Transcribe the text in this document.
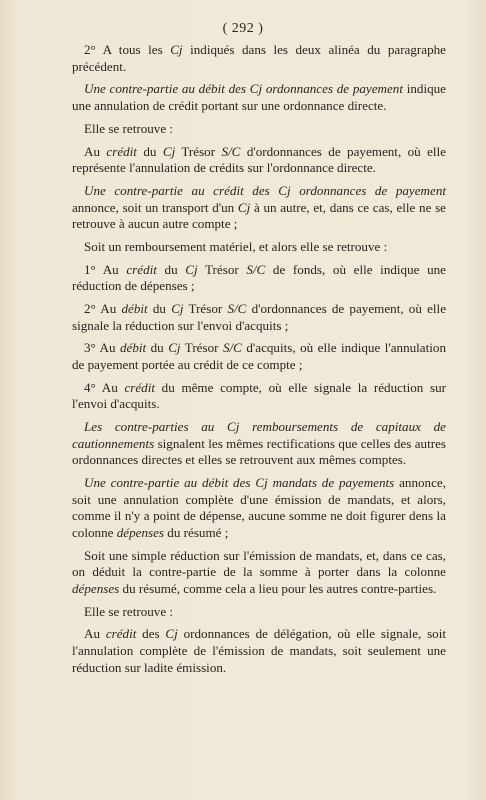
( 292 )

2° A tous les Cj indiqués dans les deux alinéa du paragraphe précédent.

Une contre-partie au débit des Cj ordonnances de payement indique une annulation de crédit portant sur une ordonnance directe.

Elle se retrouve :

Au crédit du Cj Trésor S/C d'ordonnances de payement, où elle représente l'annulation de crédits sur l'ordonnance directe.

Une contre-partie au crédit des Cj ordonnances de payement annonce, soit un transport d'un Cj à un autre, et, dans ce cas, elle ne se retrouve à aucun autre compte ;

Soit un remboursement matériel, et alors elle se retrouve :

1° Au crédit du Cj Trésor S/C de fonds, où elle indique une réduction de dépenses ;

2° Au débit du Cj Trésor S/C d'ordonnances de payement, où elle signale la réduction sur l'envoi d'acquits ;

3° Au débit du Cj Trésor S/C d'acquits, où elle indique l'annulation de payement portée au crédit de ce compte ;

4° Au crédit du même compte, où elle signale la réduction sur l'envoi d'acquits.

Les contre-parties au Cj remboursements de capitaux de cautionnements signalent les mêmes rectifications que celles des autres ordonnances directes et elles se retrouvent aux mêmes comptes.

Une contre-partie au débit des Cj mandats de payements annonce, soit une annulation complète d'une émission de mandats, et alors, comme il n'y a point de dépense, aucune somme ne doit figurer dens la colonne dépenses du résumé ;

Soit une simple réduction sur l'émission de mandats, et, dans ce cas, on déduit la contre-partie de la somme à porter dans la colonne dépenses du résumé, comme cela a lieu pour les autres contre-parties.

Elle se retrouve :

Au crédit des Cj ordonnances de délégation, où elle signale, soit l'annulation complète de l'émission de mandats, soit seulement une réduction sur ladite émission.
